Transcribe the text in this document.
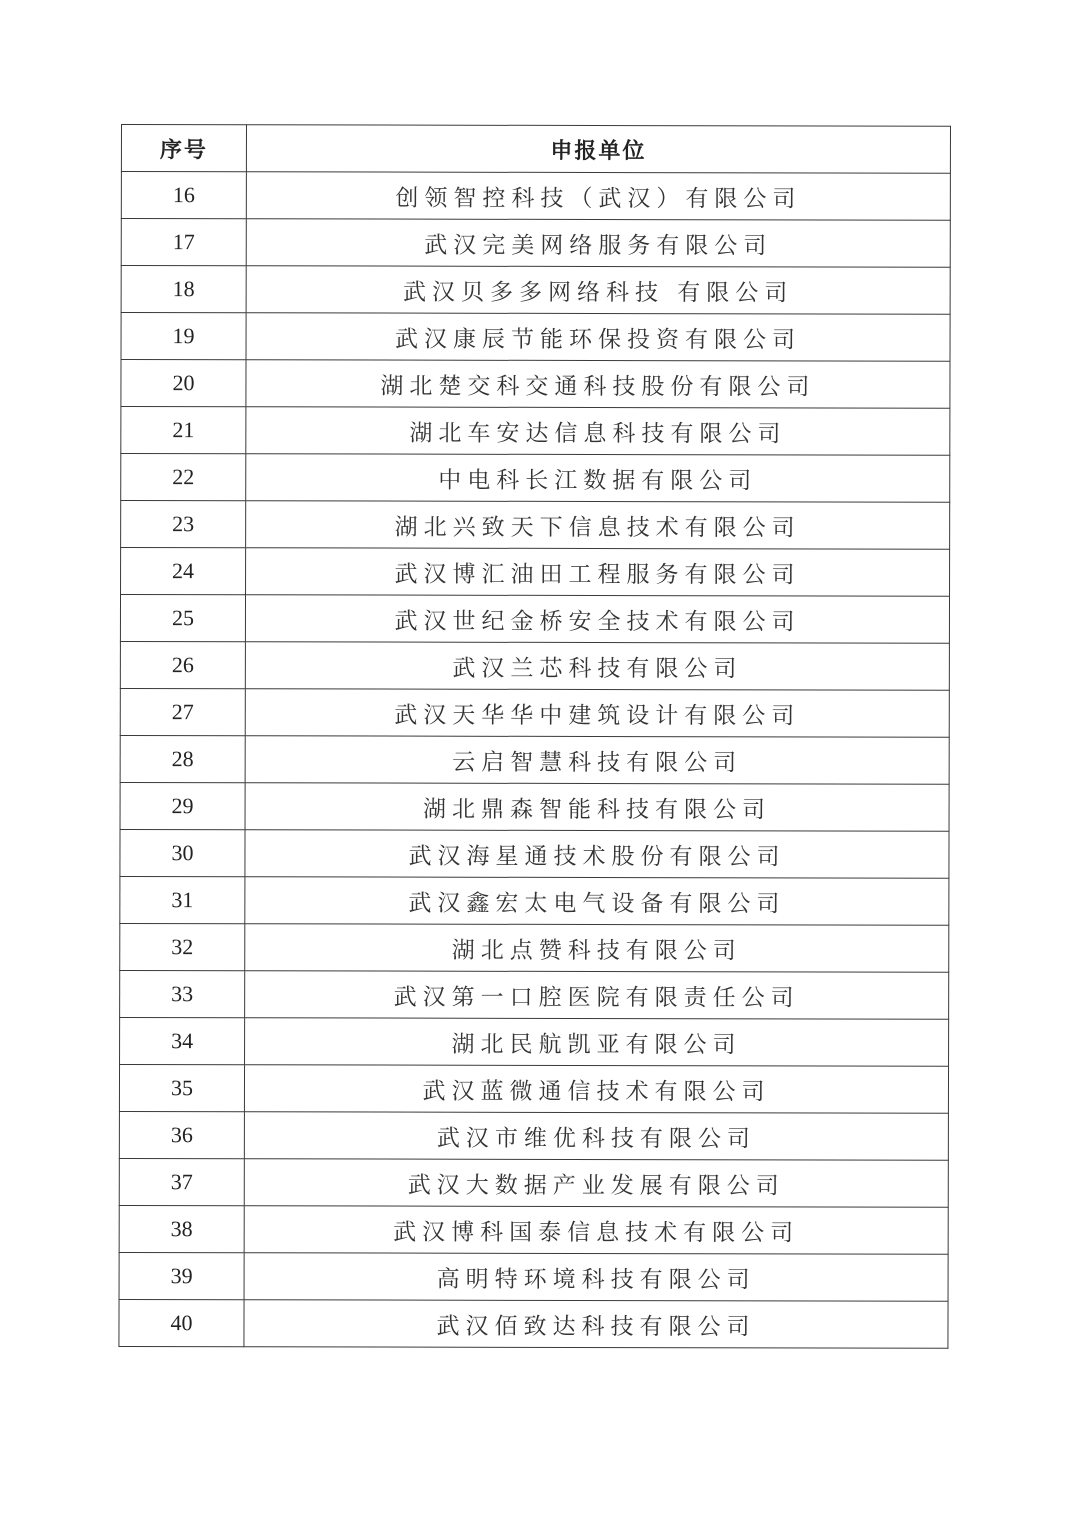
序号	申报单位
16	创领智控科技（武汉）有限公司
17	武汉完美网络服务有限公司
18	武汉贝多多网络科技 有限公司
19	武汉康辰节能环保投资有限公司
20	湖北楚交科交通科技股份有限公司
21	湖北车安达信息科技有限公司
22	中电科长江数据有限公司
23	湖北兴致天下信息技术有限公司
24	武汉博汇油田工程服务有限公司
25	武汉世纪金桥安全技术有限公司
26	武汉兰芯科技有限公司
27	武汉天华华中建筑设计有限公司
28	云启智慧科技有限公司
29	湖北鼎森智能科技有限公司
30	武汉海星通技术股份有限公司
31	武汉鑫宏太电气设备有限公司
32	湖北点赞科技有限公司
33	武汉第一口腔医院有限责任公司
34	湖北民航凯亚有限公司
35	武汉蓝微通信技术有限公司
36	武汉市维优科技有限公司
37	武汉大数据产业发展有限公司
38	武汉博科国泰信息技术有限公司
39	高明特环境科技有限公司
40	武汉佰致达科技有限公司
